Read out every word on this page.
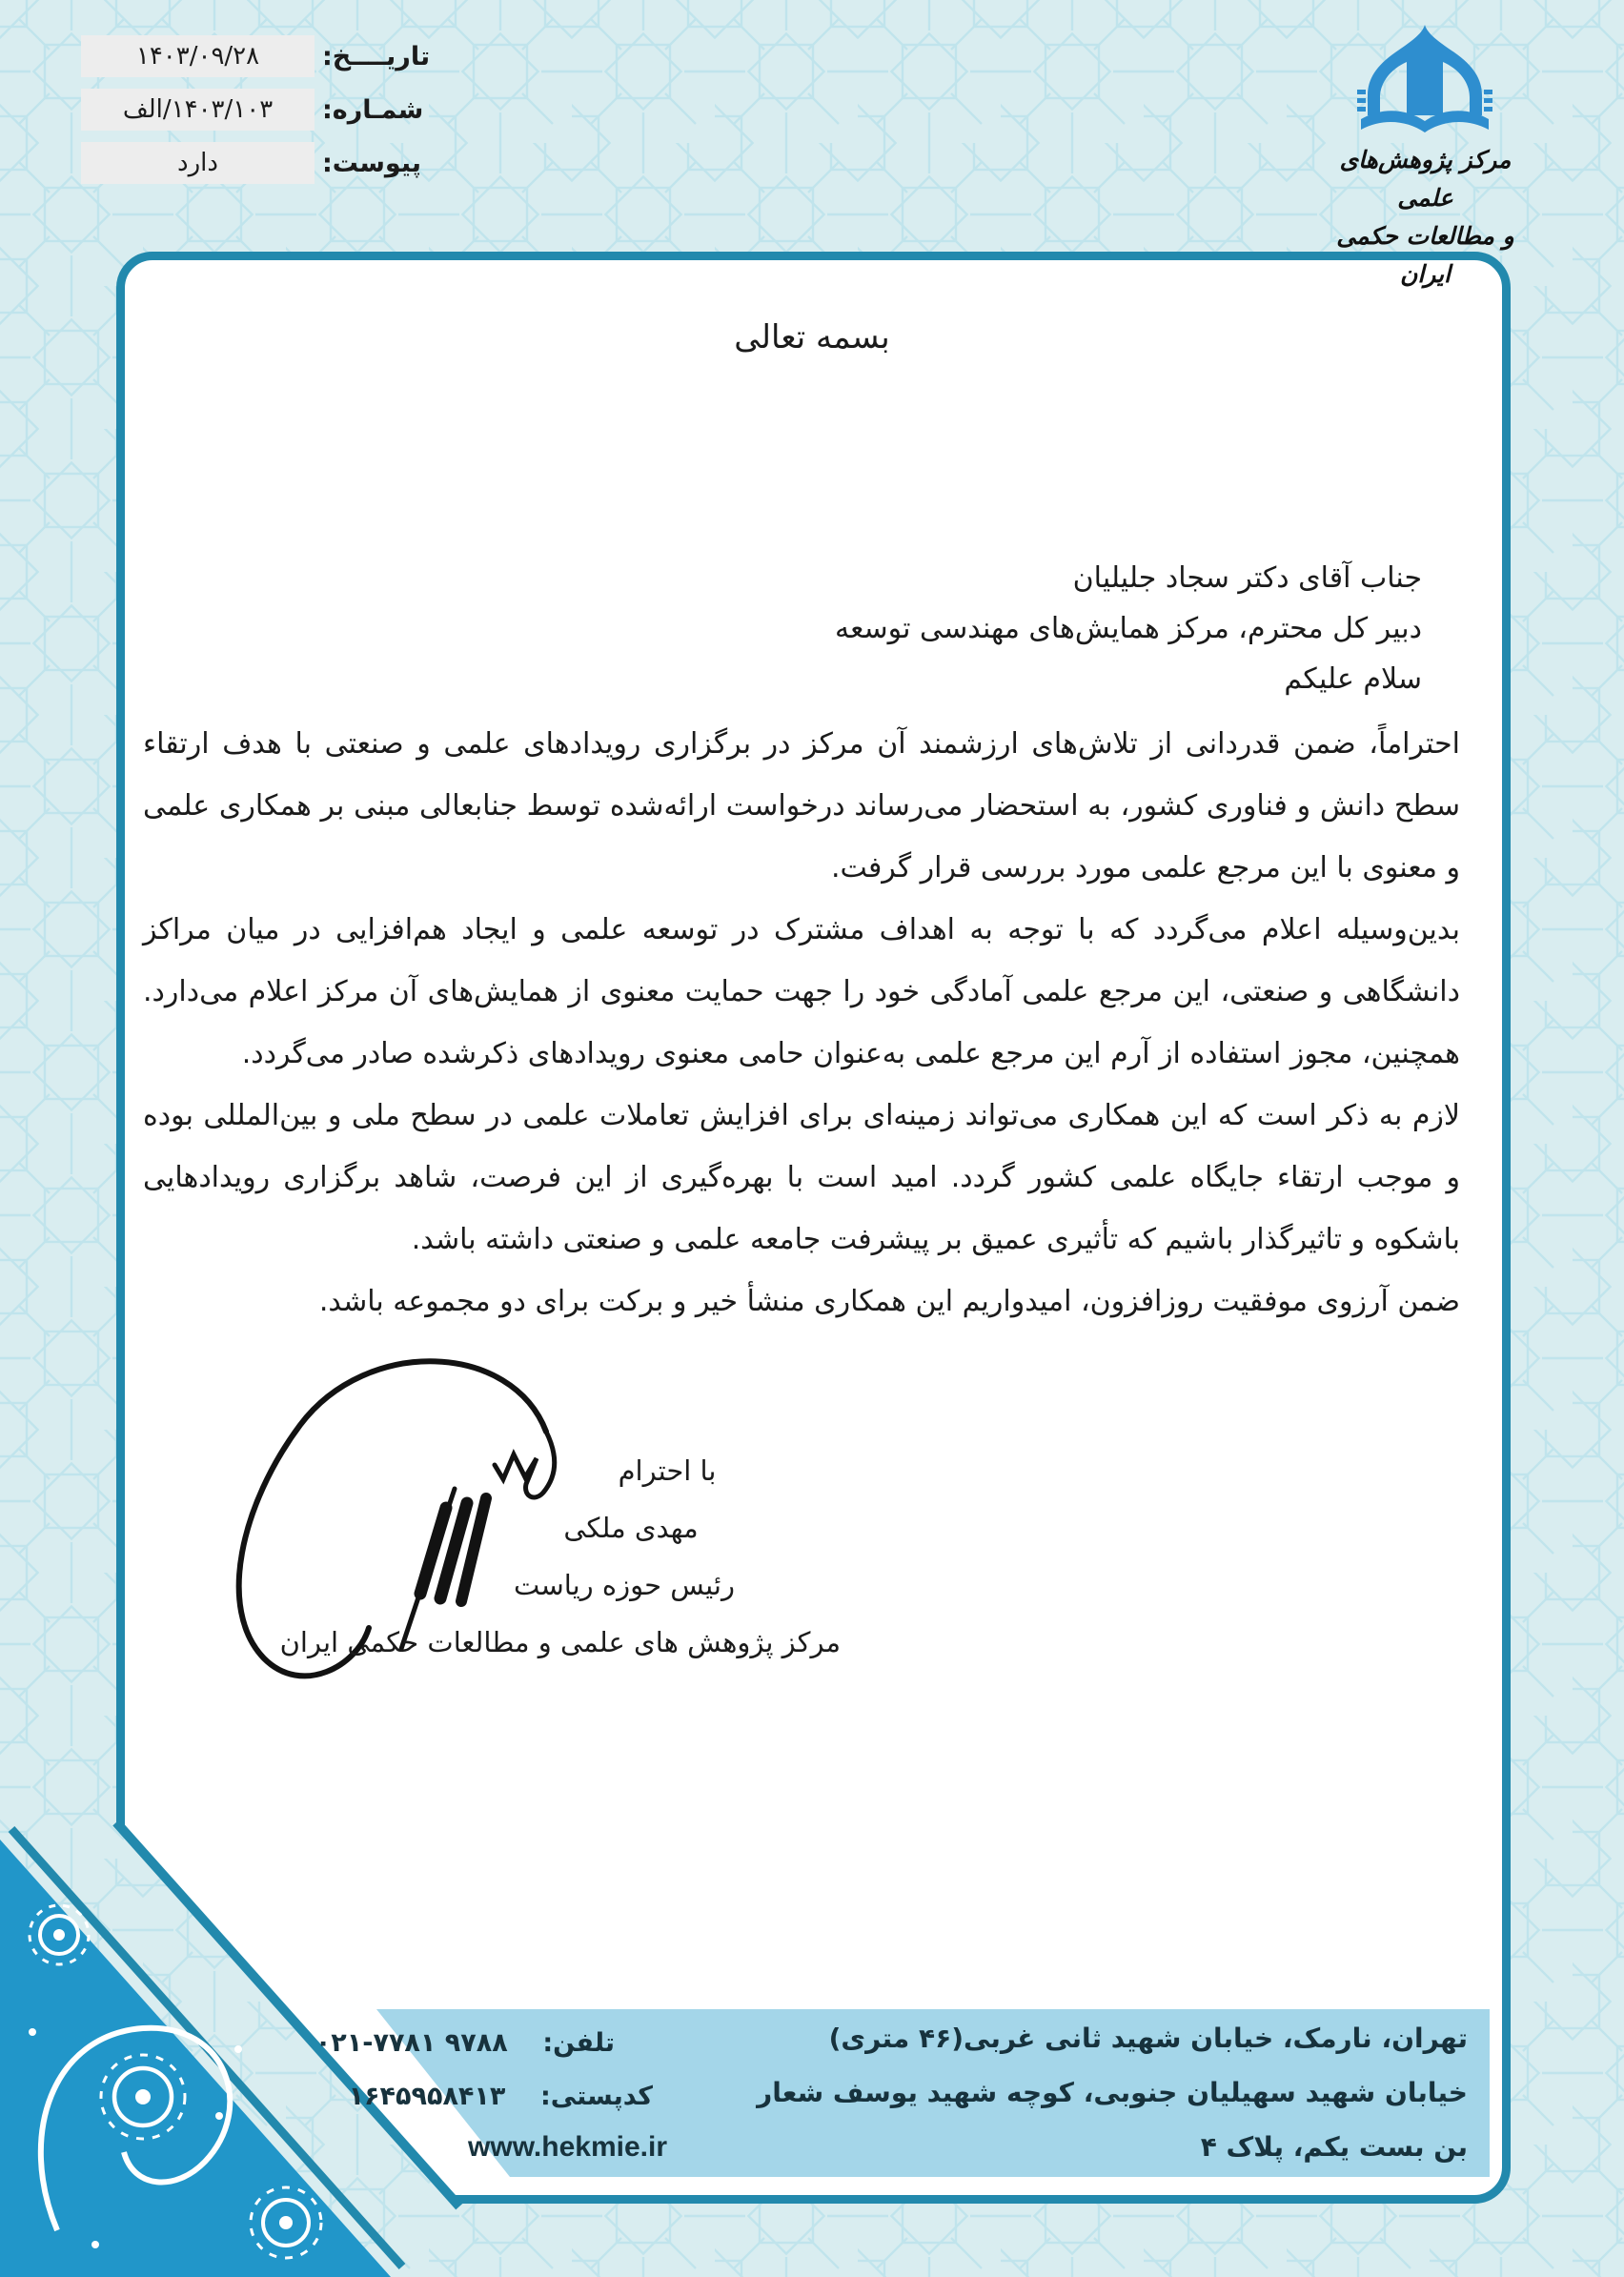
تاریــــخ:
۱۴۰۳/۰۹/۲۸
شمـاره:
۱۴۰۳/۱۰۳/الف
پیوست:
دارد	مرکز پژوهش‌های علمی
و مطالعات حکمی ایران
بسمه تعالی
جناب آقای دکتر سجاد جلیلیان
دبیر کل محترم، مرکز همایش‌های مهندسی توسعه
سلام علیکم

احتراماً، ضمن قدردانی از تلاش‌های ارزشمند آن مرکز در برگزاری رویدادهای علمی و صنعتی با هدف ارتقاء سطح دانش و فناوری کشور، به استحضار می‌رساند درخواست ارائه‌شده توسط جنابعالی مبنی بر همکاری علمی و معنوی با این مرجع علمی مورد بررسی قرار گرفت.

بدین‌وسیله اعلام می‌گردد که با توجه به اهداف مشترک در توسعه علمی و ایجاد هم‌افزایی در میان مراکز دانشگاهی و صنعتی، این مرجع علمی آمادگی خود را جهت حمایت معنوی از همایش‌های آن مرکز اعلام می‌دارد. همچنین، مجوز استفاده از آرم این مرجع علمی به‌عنوان حامی معنوی رویدادهای ذکرشده صادر می‌گردد.

لازم به ذکر است که این همکاری می‌تواند زمینه‌ای برای افزایش تعاملات علمی در سطح ملی و بین‌المللی بوده و موجب ارتقاء جایگاه علمی کشور گردد. امید است با بهره‌گیری از این فرصت، شاهد برگزاری رویدادهایی باشکوه و تاثیرگذار باشیم که تأثیری عمیق بر پیشرفت جامعه علمی و صنعتی داشته باشد.

ضمن آرزوی موفقیت روزافزون، امیدواریم این همکاری منشأ خیر و برکت برای دو مجموعه باشد.

با احترام
مهدی ملکی
رئیس حوزه ریاست
مرکز پژوهش های علمی و مطالعات حکمی ایران
تهران، نارمک، خیابان شهید ثانی غربی(۴۶ متری)
خیابان شهید سهیلیان جنوبی، کوچه شهید یوسف شعار
بن بست یکم، پلاک ۴
تلفن: ۰۲۱-۷۷۸۱ ۹۷۸۸
کدپستی: ۱۶۴۵۹۵۸۴۱۳
www.hekmie.ir
